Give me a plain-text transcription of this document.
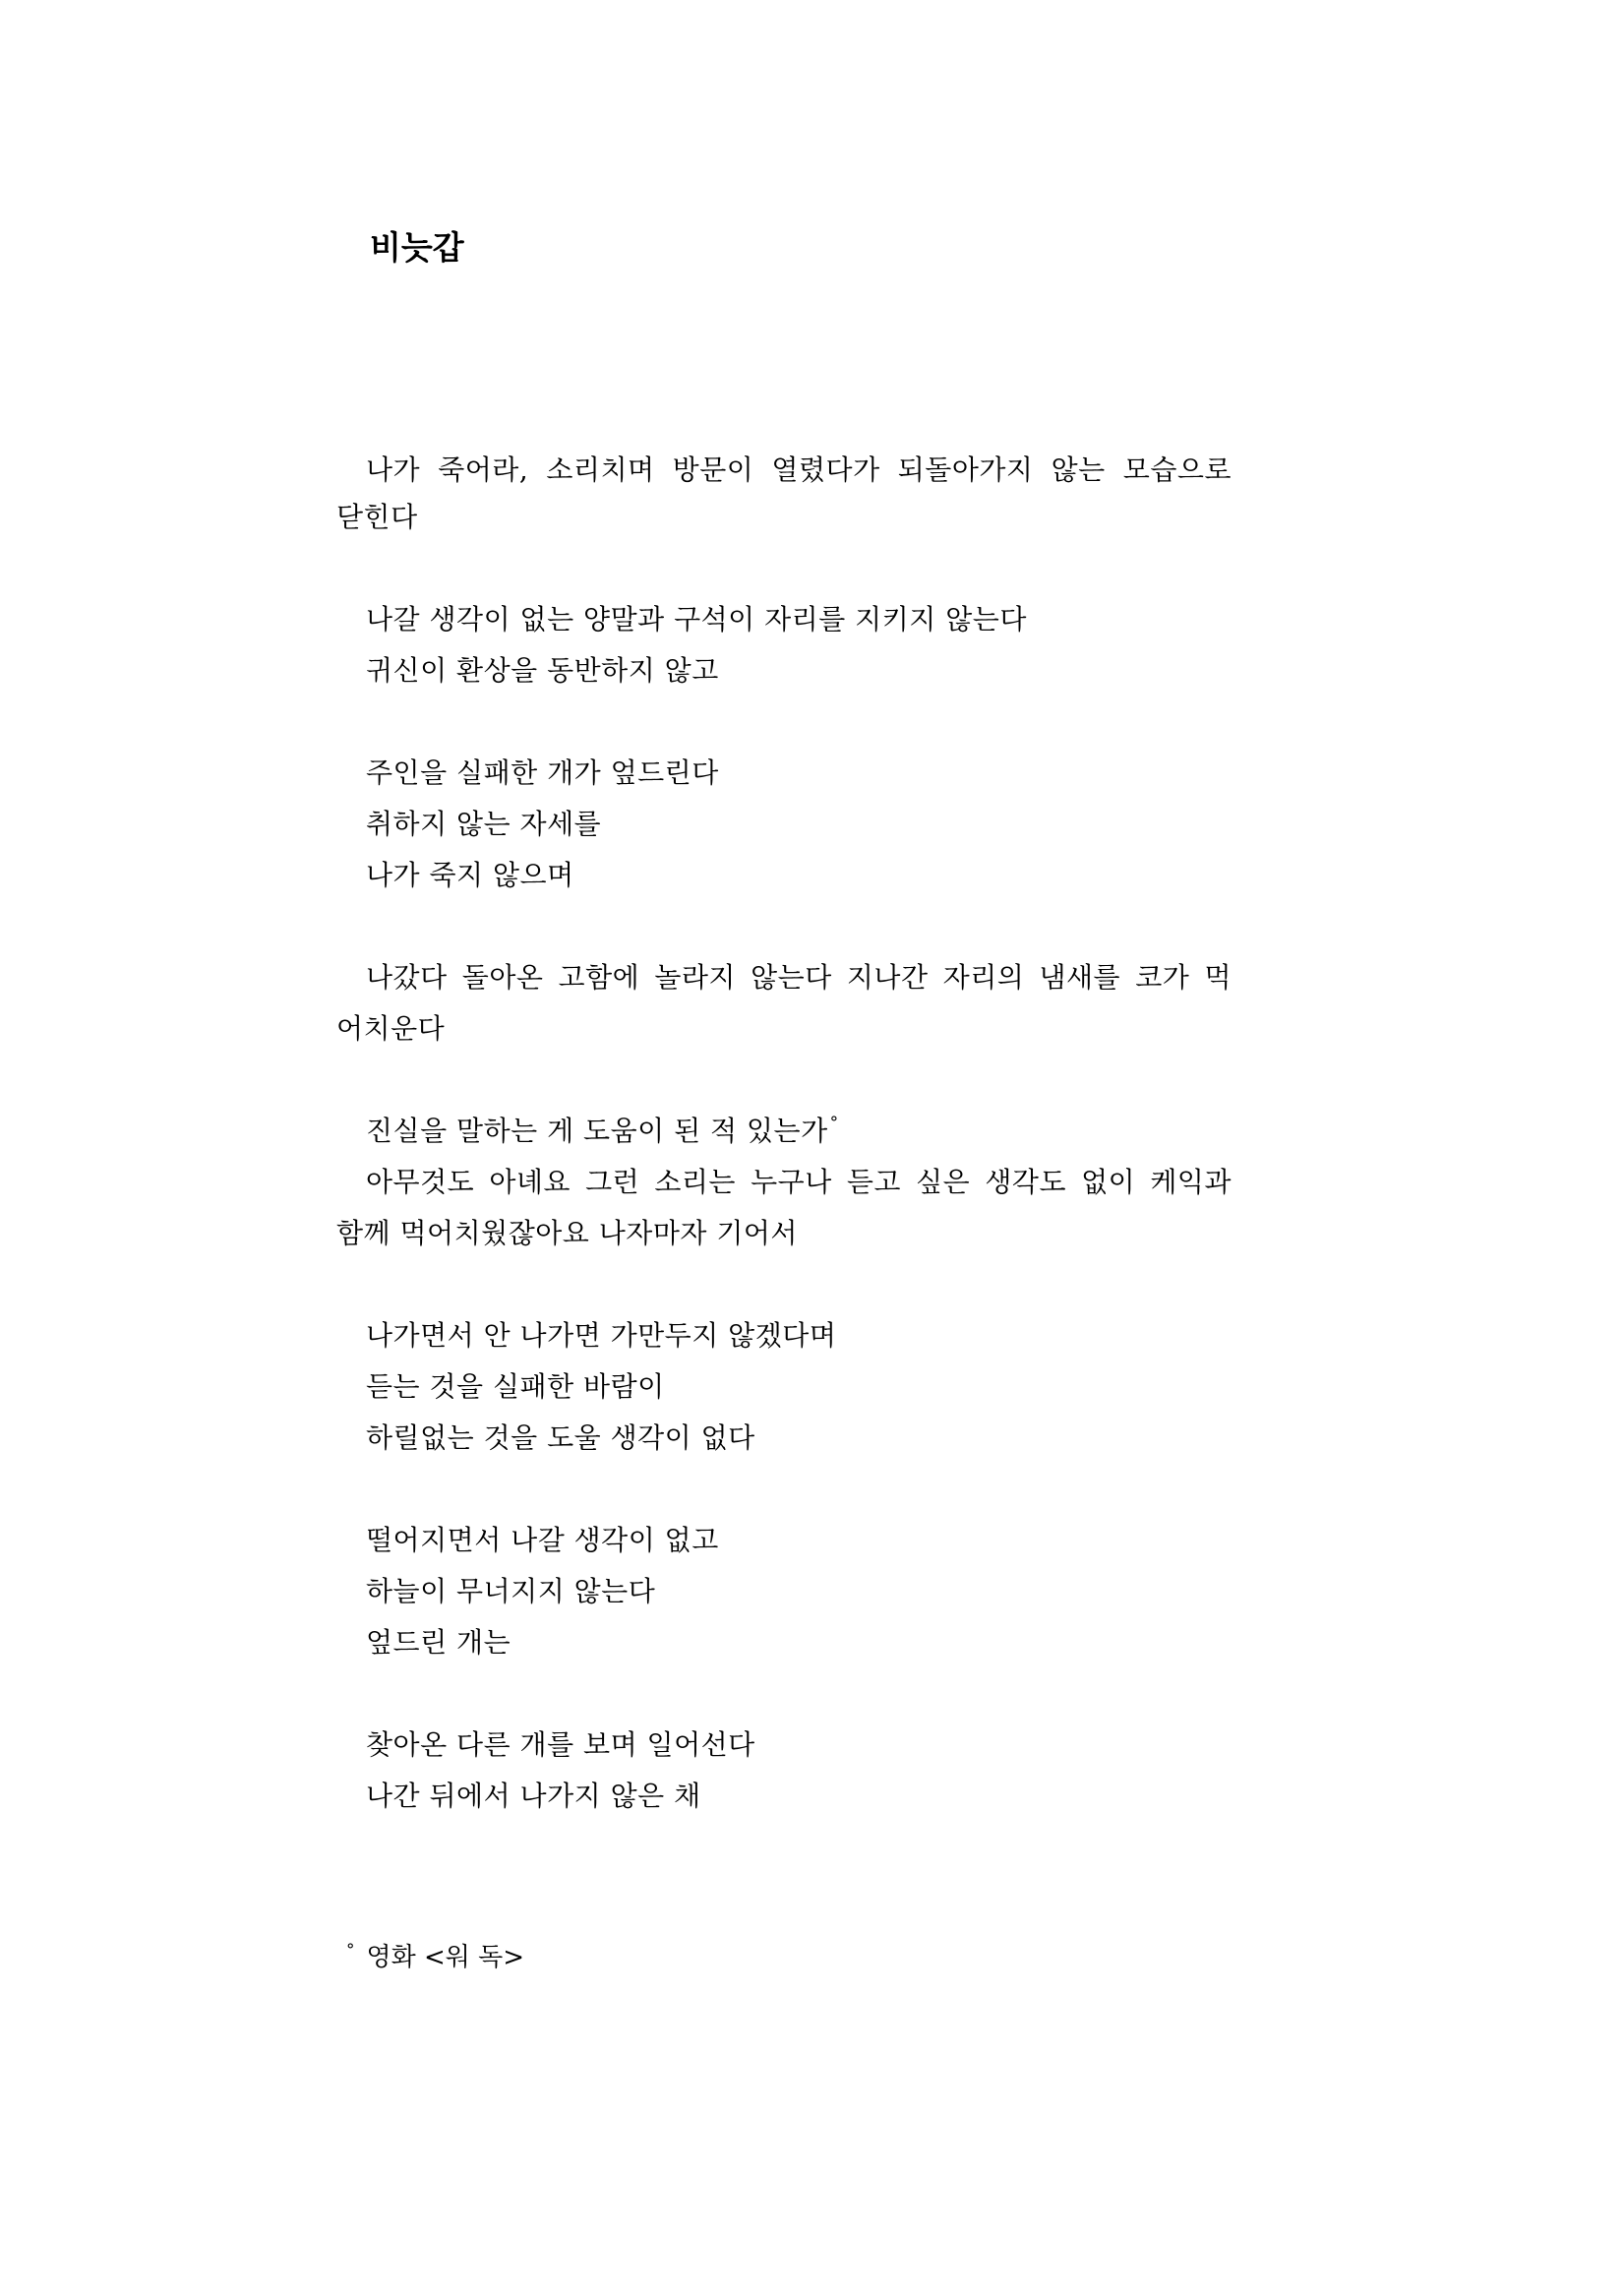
비늣갑
나가 죽어라, 소리치며 방문이 열렸다가 되돌아가지 않는 모습으로
닫힌다
나갈 생각이 없는 양말과 구석이 자리를 지키지 않는다
귀신이 환상을 동반하지 않고
주인을 실패한 개가 엎드린다
취하지 않는 자세를
나가 죽지 않으며
나갔다 돌아온 고함에 놀라지 않는다 지나간 자리의 냄새를 코가 먹
어치운다
진실을 말하는 게 도움이 된 적 있는가 °
아무것도 아녜요 그런 소리는 누구나 듣고 싶은 생각도 없이 케익과
함께 먹어치웠잖아요 나자마자 기어서
나가면서 안 나가면 가만두지 않겠다며
듣는 것을 실패한 바람이
하릴없는 것을 도울 생각이 없다
떨어지면서 나갈 생각이 없고
하늘이 무너지지 않는다
엎드린 개는
찾아온 다른 개를 보며 일어선다
나간 뒤에서 나가지 않은 채
° 영화 <워 독>
